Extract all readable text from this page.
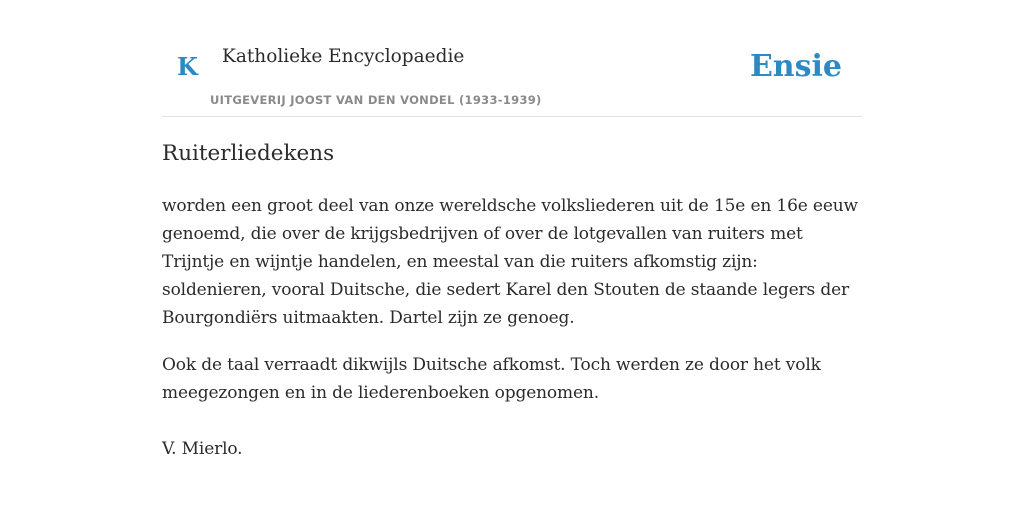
K Katholieke Encyclopaedie
UITGEVERIJ JOOST VAN DEN VONDEL (1933-1939)
Ensie
Ruiterliedekens

worden een groot deel van onze wereldsche volksliederen uit de 15e en 16e eeuw genoemd, die over de krijgsbedrijven of over de lotgevallen van ruiters met Trijntje en wijntje handelen, en meestal van die ruiters afkomstig zijn: soldenieren, vooral Duitsche, die sedert Karel den Stouten de staande legers der Bourgondiërs uitmaakten. Dartel zijn ze genoeg.

Ook de taal verraadt dikwijls Duitsche afkomst. Toch werden ze door het volk meegezongen en in de liederenboeken opgenomen.

V. Mierlo.
